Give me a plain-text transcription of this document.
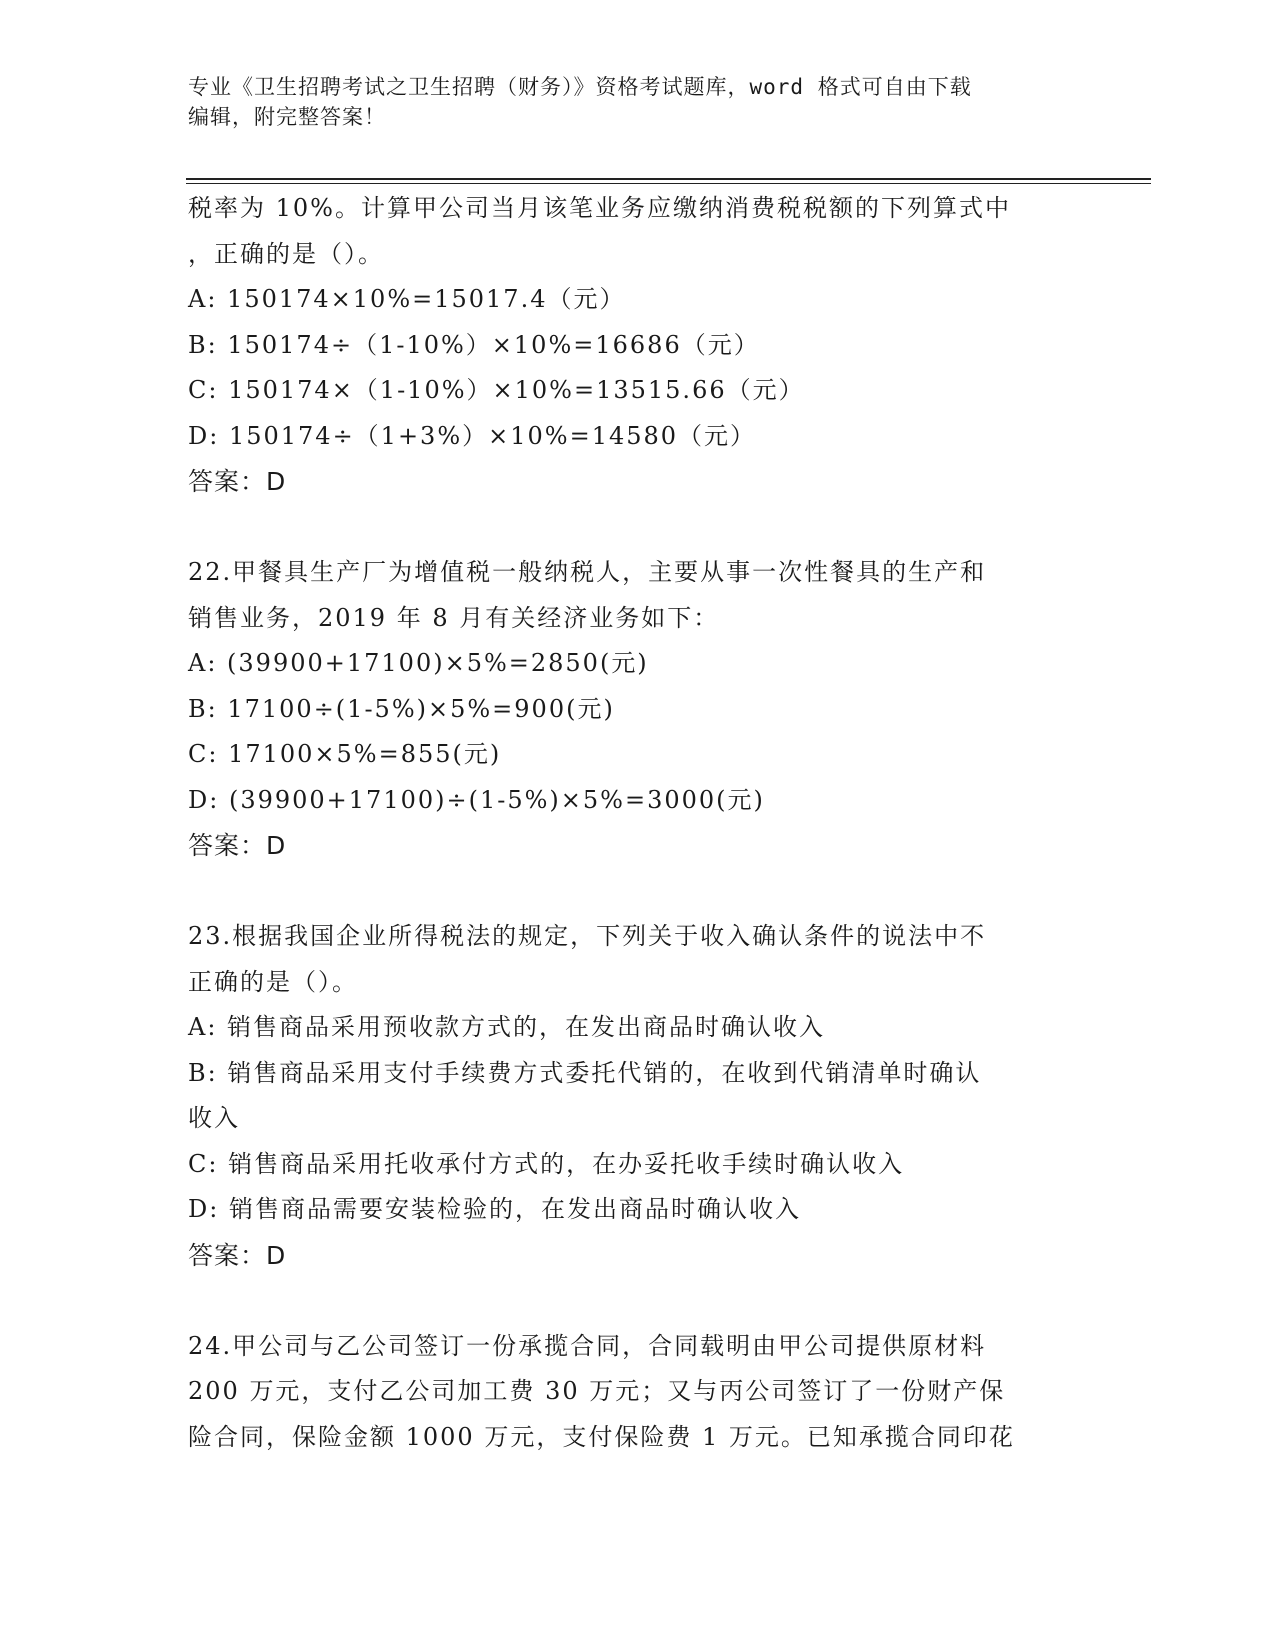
专业《卫生招聘考试之卫生招聘（财务）》资格考试题库，word 格式可自由下载
编辑，附完整答案！
税率为 10%。计算甲公司当月该笔业务应缴纳消费税税额的下列算式中
，正确的是（）。
A: 150174×10%=15017.4（元）
B: 150174÷（1-10%）×10%=16686（元）
C: 150174×（1-10%）×10%=13515.66（元）
D: 150174÷（1+3%）×10%=14580（元）
答案：D
22.甲餐具生产厂为增值税一般纳税人，主要从事一次性餐具的生产和
销售业务，2019 年 8 月有关经济业务如下：
A: (39900+17100)×5%=2850(元)
B: 17100÷(1-5%)×5%=900(元)
C: 17100×5%=855(元)
D: (39900+17100)÷(1-5%)×5%=3000(元)
答案：D
23.根据我国企业所得税法的规定，下列关于收入确认条件的说法中不
正确的是（）。
A: 销售商品采用预收款方式的，在发出商品时确认收入
B: 销售商品采用支付手续费方式委托代销的，在收到代销清单时确认
收入
C: 销售商品采用托收承付方式的，在办妥托收手续时确认收入
D: 销售商品需要安装检验的，在发出商品时确认收入
答案：D
24.甲公司与乙公司签订一份承揽合同，合同载明由甲公司提供原材料
200 万元，支付乙公司加工费 30 万元；又与丙公司签订了一份财产保
险合同，保险金额 1000 万元，支付保险费 1 万元。已知承揽合同印花
